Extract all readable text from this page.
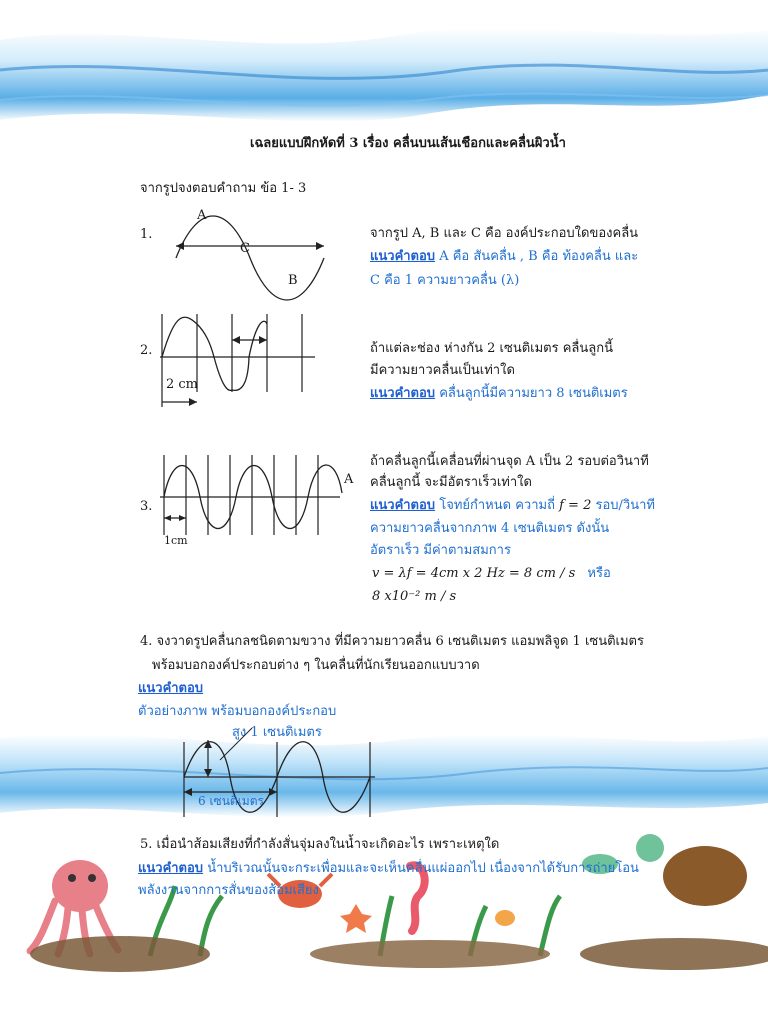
เฉลยแบบฝึกหัดที่ 3 เรื่อง คลื่นบนเส้นเชือกและคลื่นผิวน้ำ
จากรูปจงตอบคำถาม ข้อ 1- 3
1.
A
C
B
จากรูป A, B และ C คือ องค์ประกอบใดของคลื่น
แนวคำตอบ A คือ สันคลื่น , B คือ ท้องคลื่น และ
C คือ 1 ความยาวคลื่น (λ)
2.
2 cm
ถ้าแต่ละช่อง ห่างกัน 2 เซนติเมตร คลื่นลูกนี้
มีความยาวคลื่นเป็นเท่าใด
แนวคำตอบ คลื่นลูกนี้มีความยาว 8 เซนติเมตร
3.
A
1cm
ถ้าคลื่นลูกนี้เคลื่อนที่ผ่านจุด A เป็น 2 รอบต่อวินาที
คลื่นลูกนี้ จะมีอัตราเร็วเท่าใด
แนวคำตอบ โจทย์กำหนด ความถี่ f = 2 รอบ/วินาที
ความยาวคลื่นจากภาพ 4 เซนติเมตร ดังนั้น
อัตราเร็ว มีค่าตามสมการ
v = λf = 4cm x 2 Hz = 8 cm / s หรือ
8 x10⁻² m / s
4. จงวาดรูปคลื่นกลชนิดตามขวาง ที่มีความยาวคลื่น 6 เซนติเมตร แอมพลิจูด 1 เซนติเมตร
พร้อมบอกองค์ประกอบต่าง ๆ ในคลื่นที่นักเรียนออกแบบวาด
แนวคำตอบ
ตัวอย่างภาพ พร้อมบอกองค์ประกอบ
สูง 1 เซนติเมตร
6 เซนติเมตร
5. เมื่อนำส้อมเสียงที่กำลังสั่นจุ่มลงในน้ำจะเกิดอะไร เพราะเหตุใด
แนวคำตอบ น้ำบริเวณนั้นจะกระเพื่อมและจะเห็นคลื่นแผ่ออกไป เนื่องจากได้รับการถ่ายโอน
พลังงานจากการสั่นของส้อมเสียง
